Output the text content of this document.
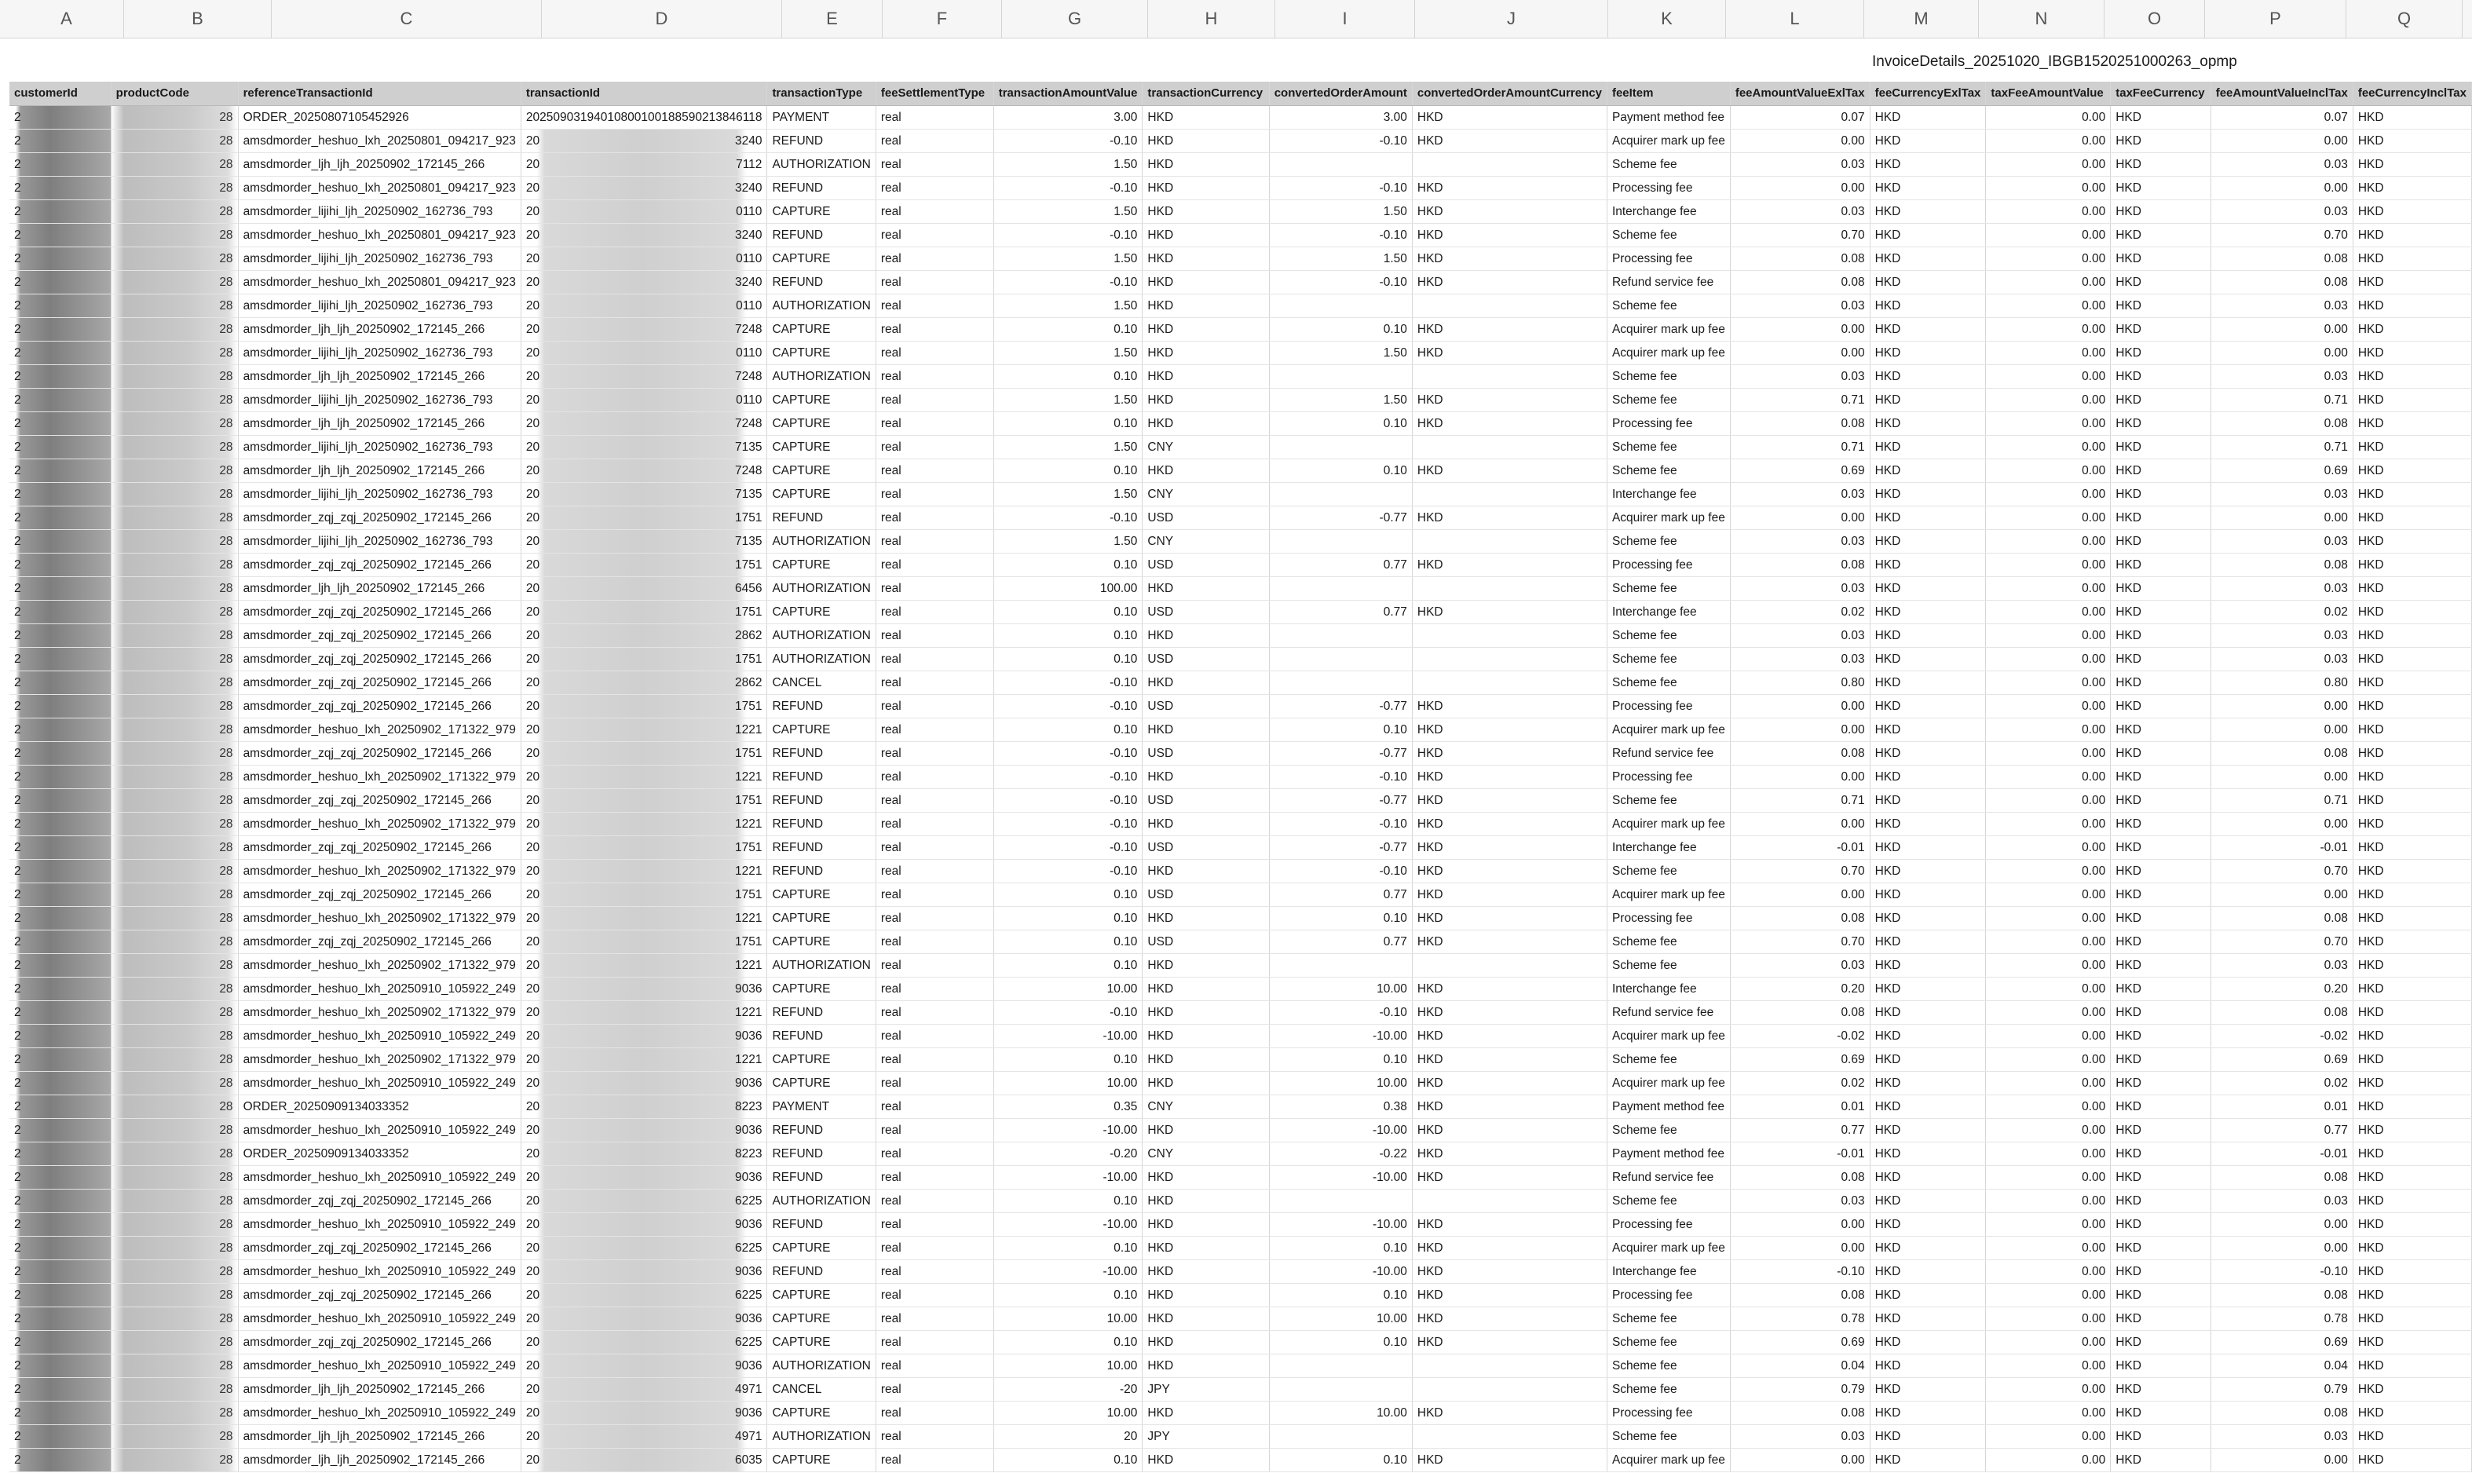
A	B	C	D	E	F	G	H	I	J	K	L	M	N	O	P	Q
InvoiceDetails_20251020_IBGB1520251000263_opmp
customerId	productCode	referenceTransactionId	transactionId	transactionType	feeSettlementType	transactionAmountValue	transactionCurrency	convertedOrderAmount	convertedOrderAmountCurrency	feeItem	feeAmountValueExlTax	feeCurrencyExlTax	taxFeeAmountValue	taxFeeCurrency	feeAmountValueInclTax	feeCurrencyInclTax
2	28	ORDER_20250807105452926	20250903194010800100188590213846118	PAYMENT	real	3.00	HKD	3.00	HKD	Payment method fee	0.07	HKD	0.00	HKD	0.07	HKD
2	28	amsdmorder_heshuo_lxh_20250801_094217_923	20 3240	REFUND	real	-0.10	HKD	-0.10	HKD	Acquirer mark up fee	0.00	HKD	0.00	HKD	0.00	HKD
2	28	amsdmorder_ljh_ljh_20250902_172145_266	20 7112	AUTHORIZATION	real	1.50	HKD			Scheme fee	0.03	HKD	0.00	HKD	0.03	HKD
2	28	amsdmorder_heshuo_lxh_20250801_094217_923	20 3240	REFUND	real	-0.10	HKD	-0.10	HKD	Processing fee	0.00	HKD	0.00	HKD	0.00	HKD
2	28	amsdmorder_lijihi_ljh_20250902_162736_793	20 0110	CAPTURE	real	1.50	HKD	1.50	HKD	Interchange fee	0.03	HKD	0.00	HKD	0.03	HKD
2	28	amsdmorder_heshuo_lxh_20250801_094217_923	20 3240	REFUND	real	-0.10	HKD	-0.10	HKD	Scheme fee	0.70	HKD	0.00	HKD	0.70	HKD
2	28	amsdmorder_lijihi_ljh_20250902_162736_793	20 0110	CAPTURE	real	1.50	HKD	1.50	HKD	Processing fee	0.08	HKD	0.00	HKD	0.08	HKD
2	28	amsdmorder_heshuo_lxh_20250801_094217_923	20 3240	REFUND	real	-0.10	HKD	-0.10	HKD	Refund service fee	0.08	HKD	0.00	HKD	0.08	HKD
2	28	amsdmorder_lijihi_ljh_20250902_162736_793	20 0110	AUTHORIZATION	real	1.50	HKD			Scheme fee	0.03	HKD	0.00	HKD	0.03	HKD
2	28	amsdmorder_ljh_ljh_20250902_172145_266	20 7248	CAPTURE	real	0.10	HKD	0.10	HKD	Acquirer mark up fee	0.00	HKD	0.00	HKD	0.00	HKD
2	28	amsdmorder_lijihi_ljh_20250902_162736_793	20 0110	CAPTURE	real	1.50	HKD	1.50	HKD	Acquirer mark up fee	0.00	HKD	0.00	HKD	0.00	HKD
2	28	amsdmorder_ljh_ljh_20250902_172145_266	20 7248	AUTHORIZATION	real	0.10	HKD			Scheme fee	0.03	HKD	0.00	HKD	0.03	HKD
2	28	amsdmorder_lijihi_ljh_20250902_162736_793	20 0110	CAPTURE	real	1.50	HKD	1.50	HKD	Scheme fee	0.71	HKD	0.00	HKD	0.71	HKD
2	28	amsdmorder_ljh_ljh_20250902_172145_266	20 7248	CAPTURE	real	0.10	HKD	0.10	HKD	Processing fee	0.08	HKD	0.00	HKD	0.08	HKD
2	28	amsdmorder_lijihi_ljh_20250902_162736_793	20 7135	CAPTURE	real	1.50	CNY			Scheme fee	0.71	HKD	0.00	HKD	0.71	HKD
2	28	amsdmorder_ljh_ljh_20250902_172145_266	20 7248	CAPTURE	real	0.10	HKD	0.10	HKD	Scheme fee	0.69	HKD	0.00	HKD	0.69	HKD
2	28	amsdmorder_lijihi_ljh_20250902_162736_793	20 7135	CAPTURE	real	1.50	CNY			Interchange fee	0.03	HKD	0.00	HKD	0.03	HKD
2	28	amsdmorder_zqj_zqj_20250902_172145_266	20 1751	REFUND	real	-0.10	USD	-0.77	HKD	Acquirer mark up fee	0.00	HKD	0.00	HKD	0.00	HKD
2	28	amsdmorder_lijihi_ljh_20250902_162736_793	20 7135	AUTHORIZATION	real	1.50	CNY			Scheme fee	0.03	HKD	0.00	HKD	0.03	HKD
2	28	amsdmorder_zqj_zqj_20250902_172145_266	20 1751	CAPTURE	real	0.10	USD	0.77	HKD	Processing fee	0.08	HKD	0.00	HKD	0.08	HKD
2	28	amsdmorder_ljh_ljh_20250902_172145_266	20 6456	AUTHORIZATION	real	100.00	HKD			Scheme fee	0.03	HKD	0.00	HKD	0.03	HKD
2	28	amsdmorder_zqj_zqj_20250902_172145_266	20 1751	CAPTURE	real	0.10	USD	0.77	HKD	Interchange fee	0.02	HKD	0.00	HKD	0.02	HKD
2	28	amsdmorder_zqj_zqj_20250902_172145_266	20 2862	AUTHORIZATION	real	0.10	HKD			Scheme fee	0.03	HKD	0.00	HKD	0.03	HKD
2	28	amsdmorder_zqj_zqj_20250902_172145_266	20 1751	AUTHORIZATION	real	0.10	USD			Scheme fee	0.03	HKD	0.00	HKD	0.03	HKD
2	28	amsdmorder_zqj_zqj_20250902_172145_266	20 2862	CANCEL	real	-0.10	HKD			Scheme fee	0.80	HKD	0.00	HKD	0.80	HKD
2	28	amsdmorder_zqj_zqj_20250902_172145_266	20 1751	REFUND	real	-0.10	USD	-0.77	HKD	Processing fee	0.00	HKD	0.00	HKD	0.00	HKD
2	28	amsdmorder_heshuo_lxh_20250902_171322_979	20 1221	CAPTURE	real	0.10	HKD	0.10	HKD	Acquirer mark up fee	0.00	HKD	0.00	HKD	0.00	HKD
2	28	amsdmorder_zqj_zqj_20250902_172145_266	20 1751	REFUND	real	-0.10	USD	-0.77	HKD	Refund service fee	0.08	HKD	0.00	HKD	0.08	HKD
2	28	amsdmorder_heshuo_lxh_20250902_171322_979	20 1221	REFUND	real	-0.10	HKD	-0.10	HKD	Processing fee	0.00	HKD	0.00	HKD	0.00	HKD
2	28	amsdmorder_zqj_zqj_20250902_172145_266	20 1751	REFUND	real	-0.10	USD	-0.77	HKD	Scheme fee	0.71	HKD	0.00	HKD	0.71	HKD
2	28	amsdmorder_heshuo_lxh_20250902_171322_979	20 1221	REFUND	real	-0.10	HKD	-0.10	HKD	Acquirer mark up fee	0.00	HKD	0.00	HKD	0.00	HKD
2	28	amsdmorder_zqj_zqj_20250902_172145_266	20 1751	REFUND	real	-0.10	USD	-0.77	HKD	Interchange fee	-0.01	HKD	0.00	HKD	-0.01	HKD
2	28	amsdmorder_heshuo_lxh_20250902_171322_979	20 1221	REFUND	real	-0.10	HKD	-0.10	HKD	Scheme fee	0.70	HKD	0.00	HKD	0.70	HKD
2	28	amsdmorder_zqj_zqj_20250902_172145_266	20 1751	CAPTURE	real	0.10	USD	0.77	HKD	Acquirer mark up fee	0.00	HKD	0.00	HKD	0.00	HKD
2	28	amsdmorder_heshuo_lxh_20250902_171322_979	20 1221	CAPTURE	real	0.10	HKD	0.10	HKD	Processing fee	0.08	HKD	0.00	HKD	0.08	HKD
2	28	amsdmorder_zqj_zqj_20250902_172145_266	20 1751	CAPTURE	real	0.10	USD	0.77	HKD	Scheme fee	0.70	HKD	0.00	HKD	0.70	HKD
2	28	amsdmorder_heshuo_lxh_20250902_171322_979	20 1221	AUTHORIZATION	real	0.10	HKD			Scheme fee	0.03	HKD	0.00	HKD	0.03	HKD
2	28	amsdmorder_heshuo_lxh_20250910_105922_249	20 9036	CAPTURE	real	10.00	HKD	10.00	HKD	Interchange fee	0.20	HKD	0.00	HKD	0.20	HKD
2	28	amsdmorder_heshuo_lxh_20250902_171322_979	20 1221	REFUND	real	-0.10	HKD	-0.10	HKD	Refund service fee	0.08	HKD	0.00	HKD	0.08	HKD
2	28	amsdmorder_heshuo_lxh_20250910_105922_249	20 9036	REFUND	real	-10.00	HKD	-10.00	HKD	Acquirer mark up fee	-0.02	HKD	0.00	HKD	-0.02	HKD
2	28	amsdmorder_heshuo_lxh_20250902_171322_979	20 1221	CAPTURE	real	0.10	HKD	0.10	HKD	Scheme fee	0.69	HKD	0.00	HKD	0.69	HKD
2	28	amsdmorder_heshuo_lxh_20250910_105922_249	20 9036	CAPTURE	real	10.00	HKD	10.00	HKD	Acquirer mark up fee	0.02	HKD	0.00	HKD	0.02	HKD
2	28	ORDER_20250909134033352	20 8223	PAYMENT	real	0.35	CNY	0.38	HKD	Payment method fee	0.01	HKD	0.00	HKD	0.01	HKD
2	28	amsdmorder_heshuo_lxh_20250910_105922_249	20 9036	REFUND	real	-10.00	HKD	-10.00	HKD	Scheme fee	0.77	HKD	0.00	HKD	0.77	HKD
2	28	ORDER_20250909134033352	20 8223	REFUND	real	-0.20	CNY	-0.22	HKD	Payment method fee	-0.01	HKD	0.00	HKD	-0.01	HKD
2	28	amsdmorder_heshuo_lxh_20250910_105922_249	20 9036	REFUND	real	-10.00	HKD	-10.00	HKD	Refund service fee	0.08	HKD	0.00	HKD	0.08	HKD
2	28	amsdmorder_zqj_zqj_20250902_172145_266	20 6225	AUTHORIZATION	real	0.10	HKD			Scheme fee	0.03	HKD	0.00	HKD	0.03	HKD
2	28	amsdmorder_heshuo_lxh_20250910_105922_249	20 9036	REFUND	real	-10.00	HKD	-10.00	HKD	Processing fee	0.00	HKD	0.00	HKD	0.00	HKD
2	28	amsdmorder_zqj_zqj_20250902_172145_266	20 6225	CAPTURE	real	0.10	HKD	0.10	HKD	Acquirer mark up fee	0.00	HKD	0.00	HKD	0.00	HKD
2	28	amsdmorder_heshuo_lxh_20250910_105922_249	20 9036	REFUND	real	-10.00	HKD	-10.00	HKD	Interchange fee	-0.10	HKD	0.00	HKD	-0.10	HKD
2	28	amsdmorder_zqj_zqj_20250902_172145_266	20 6225	CAPTURE	real	0.10	HKD	0.10	HKD	Processing fee	0.08	HKD	0.00	HKD	0.08	HKD
2	28	amsdmorder_heshuo_lxh_20250910_105922_249	20 9036	CAPTURE	real	10.00	HKD	10.00	HKD	Scheme fee	0.78	HKD	0.00	HKD	0.78	HKD
2	28	amsdmorder_zqj_zqj_20250902_172145_266	20 6225	CAPTURE	real	0.10	HKD	0.10	HKD	Scheme fee	0.69	HKD	0.00	HKD	0.69	HKD
2	28	amsdmorder_heshuo_lxh_20250910_105922_249	20 9036	AUTHORIZATION	real	10.00	HKD			Scheme fee	0.04	HKD	0.00	HKD	0.04	HKD
2	28	amsdmorder_ljh_ljh_20250902_172145_266	20 4971	CANCEL	real	-20	JPY			Scheme fee	0.79	HKD	0.00	HKD	0.79	HKD
2	28	amsdmorder_heshuo_lxh_20250910_105922_249	20 9036	CAPTURE	real	10.00	HKD	10.00	HKD	Processing fee	0.08	HKD	0.00	HKD	0.08	HKD
2	28	amsdmorder_ljh_ljh_20250902_172145_266	20 4971	AUTHORIZATION	real	20	JPY			Scheme fee	0.03	HKD	0.00	HKD	0.03	HKD
2	28	amsdmorder_ljh_ljh_20250902_172145_266	20 6035	CAPTURE	real	0.10	HKD	0.10	HKD	Acquirer mark up fee	0.00	HKD	0.00	HKD	0.00	HKD
